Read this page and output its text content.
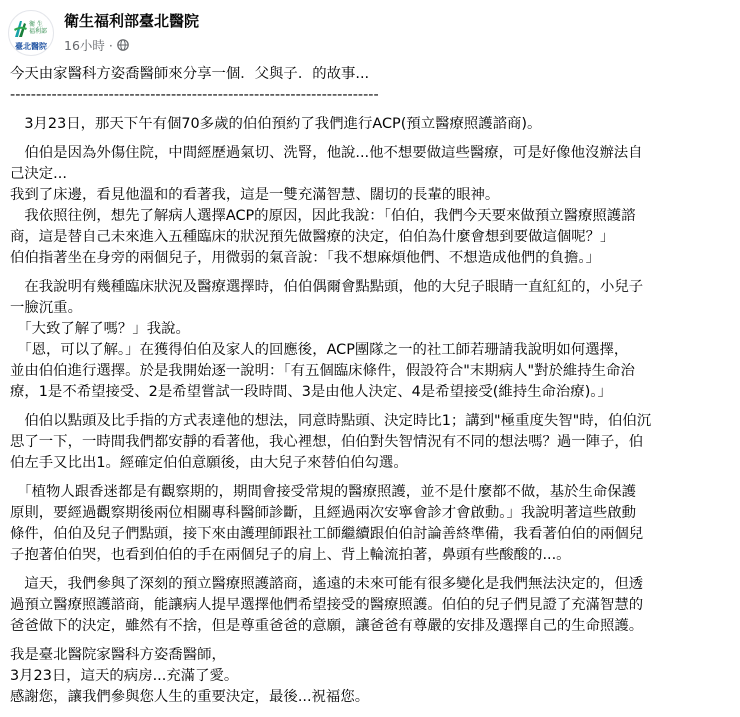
衛 生
福利部
臺北醫院
衛生福利部臺北醫院
16小時 ·

今天由家醫科方姿喬醫師來分享一個．父與子．的故事...

-----------------------------------------------------------------------

　3月23日，那天下午有個70多歲的伯伯預約了我們進行ACP(預立醫療照護諮商)。

　伯伯是因為外傷住院，中間經歷過氣切、洗腎，他說...他不想要做這些醫療，可是好像他沒辦法自

己決定...

我到了床邊，看見他溫和的看著我，這是一雙充滿智慧、闊切的長輩的眼神。

　我依照往例，想先了解病人選擇ACP的原因，因此我說：「伯伯，我們今天要來做預立醫療照護諮

商，這是替自己未來進入五種臨床的狀況預先做醫療的決定，伯伯為什麼會想到要做這個呢？」

伯伯指著坐在身旁的兩個兒子，用微弱的氣音說：「我不想麻煩他們、不想造成他們的負擔。」

　在我說明有幾種臨床狀況及醫療選擇時，伯伯偶爾會點點頭，他的大兒子眼睛一直紅紅的，小兒子

一臉沉重。

　「大致了解了嗎？」我說。

　「恩，可以了解。」在獲得伯伯及家人的回應後，ACP團隊之一的社工師若珊請我說明如何選擇，

並由伯伯進行選擇。於是我開始逐一說明：「有五個臨床條件，假設符合"末期病人"對於維持生命治

療，1是不希望接受、2是希望嘗試一段時間、3是由他人決定、4是希望接受(維持生命治療)。」

　伯伯以點頭及比手指的方式表達他的想法，同意時點頭、決定時比1；講到"極重度失智"時，伯伯沉

思了一下，一時間我們都安靜的看著他，我心裡想，伯伯對失智情況有不同的想法嗎？過一陣子，伯

伯左手又比出1。經確定伯伯意願後，由大兒子來替伯伯勾選。

　「植物人跟香迷都是有觀察期的，期間會接受常規的醫療照護，並不是什麼都不做，基於生命保護

原則，要經過觀察期後兩位相關專科醫師診斷，且經過兩次安寧會診才會啟動。」我說明著這些啟動

條件，伯伯及兒子們點頭，接下來由護理師跟社工師繼續跟伯伯討論善終準備，我看著伯伯的兩個兒

子抱著伯伯哭，也看到伯伯的手在兩個兒子的肩上、背上輪流拍著，鼻頭有些酸酸的...。

　這天，我們參與了深刻的預立醫療照護諮商，遙遠的未來可能有很多變化是我們無法決定的，但透

過預立醫療照護諮商，能讓病人提早選擇他們希望接受的醫療照護。伯伯的兒子們見證了充滿智慧的

爸爸做下的決定，雖然有不捨，但是尊重爸爸的意願，讓爸爸有尊嚴的安排及選擇自己的生命照護。

我是臺北醫院家醫科方姿喬醫師，

3月23日，這天的病房...充滿了愛。

感謝您，讓我們參與您人生的重要決定，最後...祝福您。
